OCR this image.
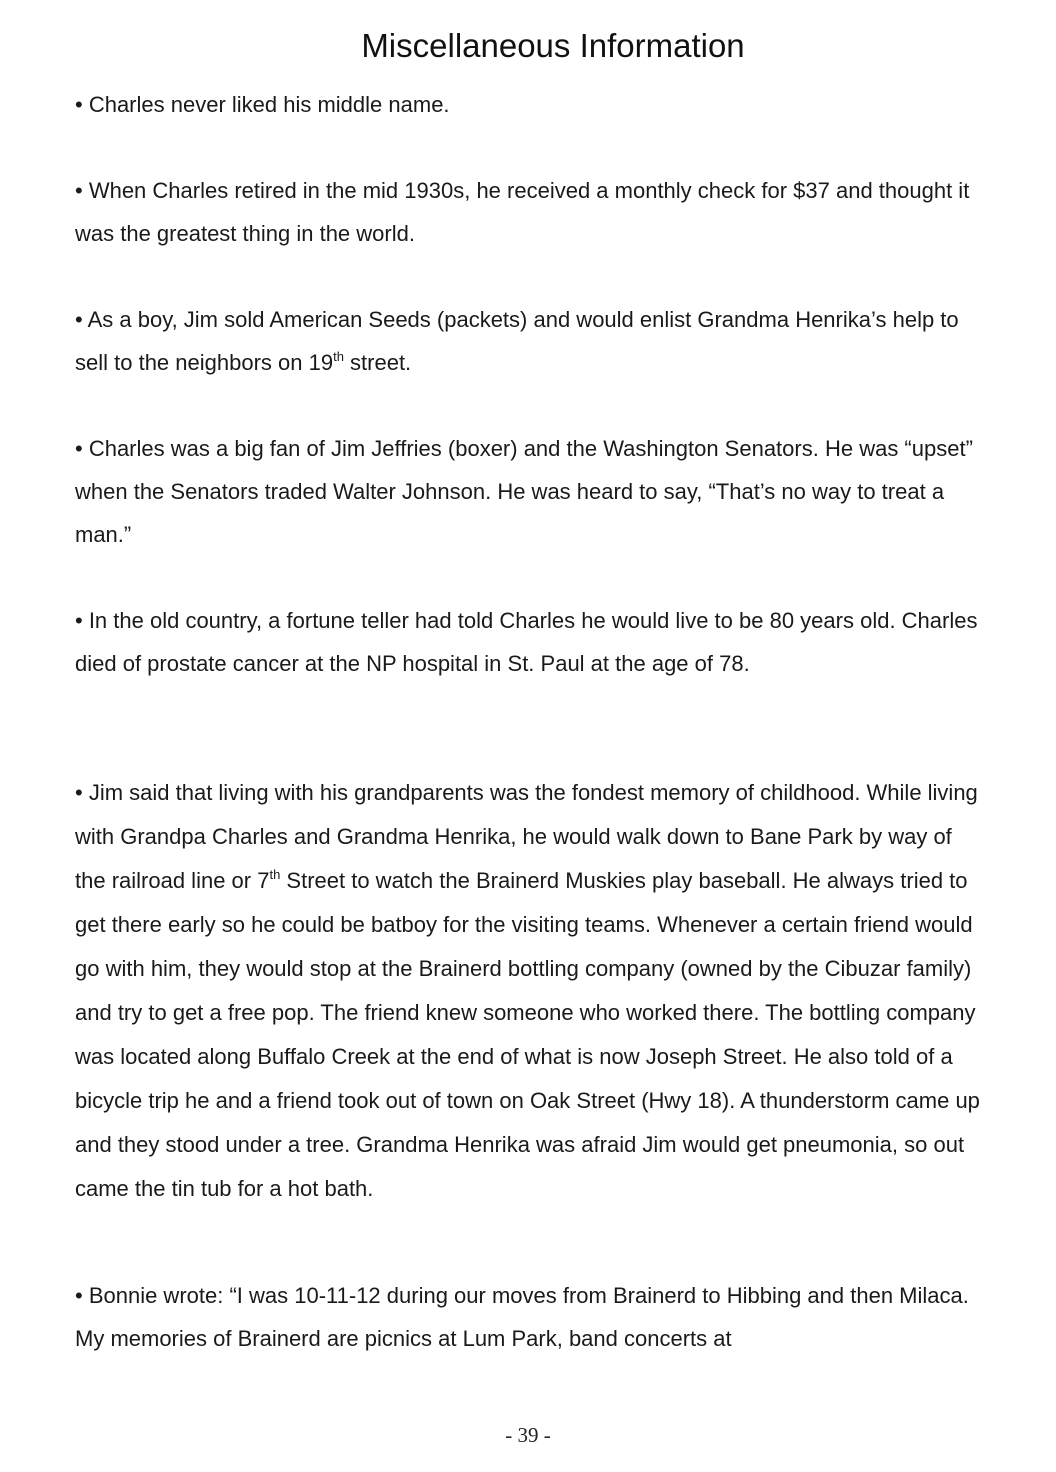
Miscellaneous Information

• Charles never liked his middle name.

• When Charles retired in the mid 1930s, he received a monthly check for $37 and thought it was the greatest thing in the world.

• As a boy, Jim sold American Seeds (packets) and would enlist Grandma Henrika’s help to sell to the neighbors on 19th street.

• Charles was a big fan of Jim Jeffries (boxer) and the Washington Senators. He was “upset” when the Senators traded Walter Johnson. He was heard to say, “That’s no way to treat a man.”

• In the old country, a fortune teller had told Charles he would live to be 80 years old. Charles died of prostate cancer at the NP hospital in St. Paul at the age of 78.

• Jim said that living with his grandparents was the fondest memory of childhood. While living with Grandpa Charles and Grandma Henrika, he would walk down to Bane Park by way of the railroad line or 7th Street to watch the Brainerd Muskies play baseball. He always tried to get there early so he could be batboy for the visiting teams. Whenever a certain friend would go with him, they would stop at the Brainerd bottling company (owned by the Cibuzar family) and try to get a free pop. The friend knew someone who worked there. The bottling company was located along Buffalo Creek at the end of what is now Joseph Street. He also told of a bicycle trip he and a friend took out of town on Oak Street (Hwy 18). A thunderstorm came up and they stood under a tree. Grandma Henrika was afraid Jim would get pneumonia, so out came the tin tub for a hot bath.

• Bonnie wrote: “I was 10-11-12 during our moves from Brainerd to Hibbing and then Milaca. My memories of Brainerd are picnics at Lum Park, band concerts at

- 39 -
